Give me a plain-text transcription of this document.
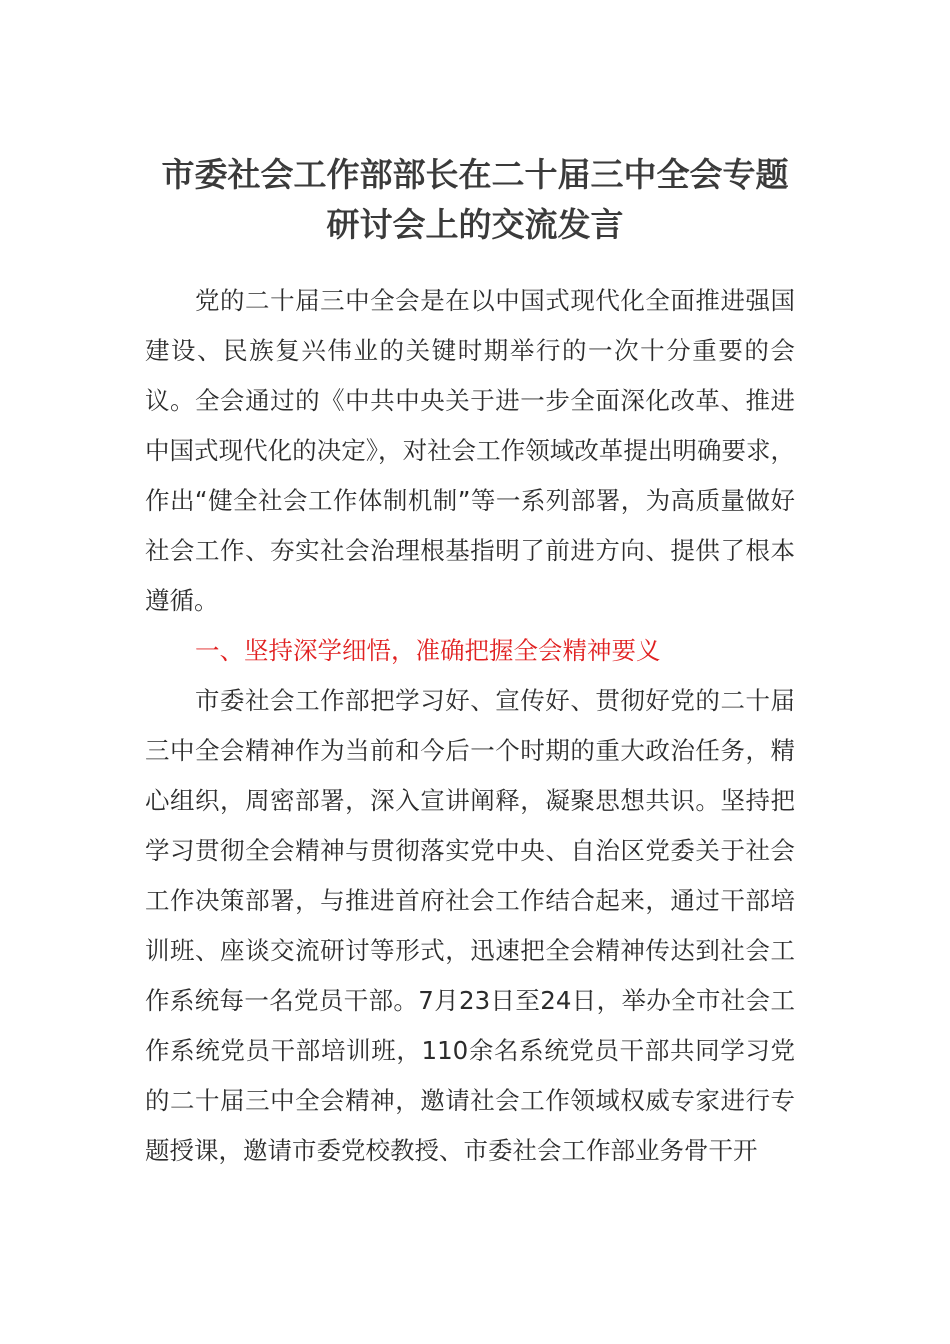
市委社会工作部部长在二十届三中全会专题
研讨会上的交流发言

党的二十届三中全会是在以中国式现代化全面推进强国建设、民族复兴伟业的关键时期举行的一次十分重要的会议。全会通过的《中共中央关于进一步全面深化改革、推进中国式现代化的决定》，对社会工作领域改革提出明确要求，作出“健全社会工作体制机制”等一系列部署，为高质量做好社会工作、夯实社会治理根基指明了前进方向、提供了根本遵循。

一、坚持深学细悟，准确把握全会精神要义

市委社会工作部把学习好、宣传好、贯彻好党的二十届三中全会精神作为当前和今后一个时期的重大政治任务，精心组织，周密部署，深入宣讲阐释，凝聚思想共识。坚持把学习贯彻全会精神与贯彻落实党中央、自治区党委关于社会工作决策部署，与推进首府社会工作结合起来，通过干部培训班、座谈交流研讨等形式，迅速把全会精神传达到社会工作系统每一名党员干部。7月23日至24日，举办全市社会工作系统党员干部培训班，110余名系统党员干部共同学习党的二十届三中全会精神，邀请社会工作领域权威专家进行专题授课，邀请市委党校教授、市委社会工作部业务骨干开
